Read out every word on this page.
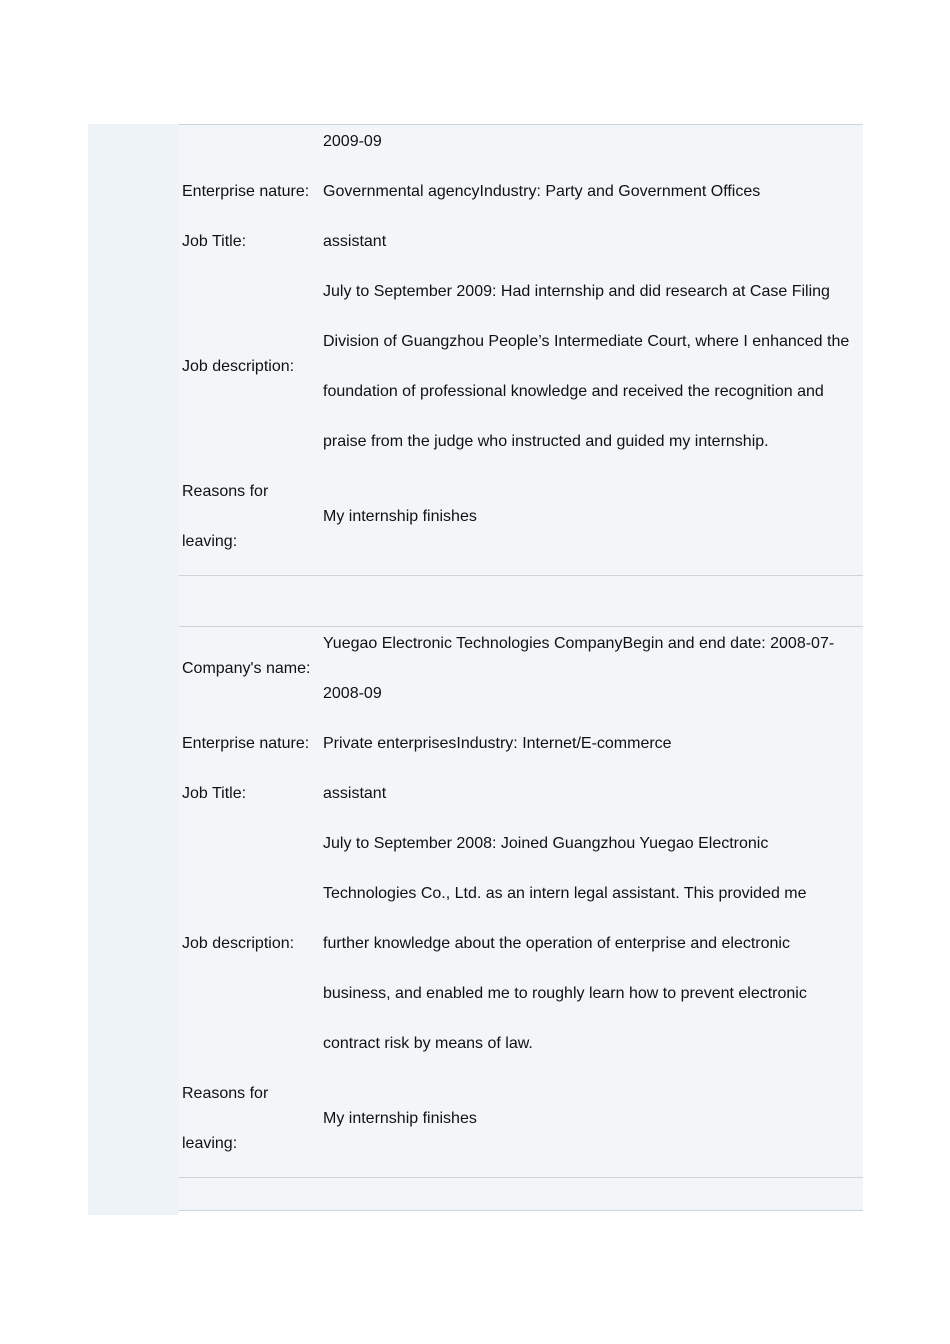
2009-09
Enterprise nature: Governmental agencyIndustry: Party and Government Offices
Job Title:	assistant
Job description:
July to September 2009: Had internship and did research at Case Filing
Division of Guangzhou People’s Intermediate Court, where I enhanced the
foundation of professional knowledge and received the recognition and
praise from the judge who instructed and guided my internship.
Reasons for
leaving:
My internship finishes
Company's name:
Yuegao Electronic Technologies CompanyBegin and end date: 2008-07-
2008-09
Enterprise nature: Private enterprisesIndustry: Internet/E-commerce
Job Title:	assistant
Job description:
July to September 2008: Joined Guangzhou Yuegao Electronic
Technologies Co., Ltd. as an intern legal assistant. This provided me
further knowledge about the operation of enterprise and electronic
business, and enabled me to roughly learn how to prevent electronic
contract risk by means of law.
Reasons for
leaving:
My internship finishes
